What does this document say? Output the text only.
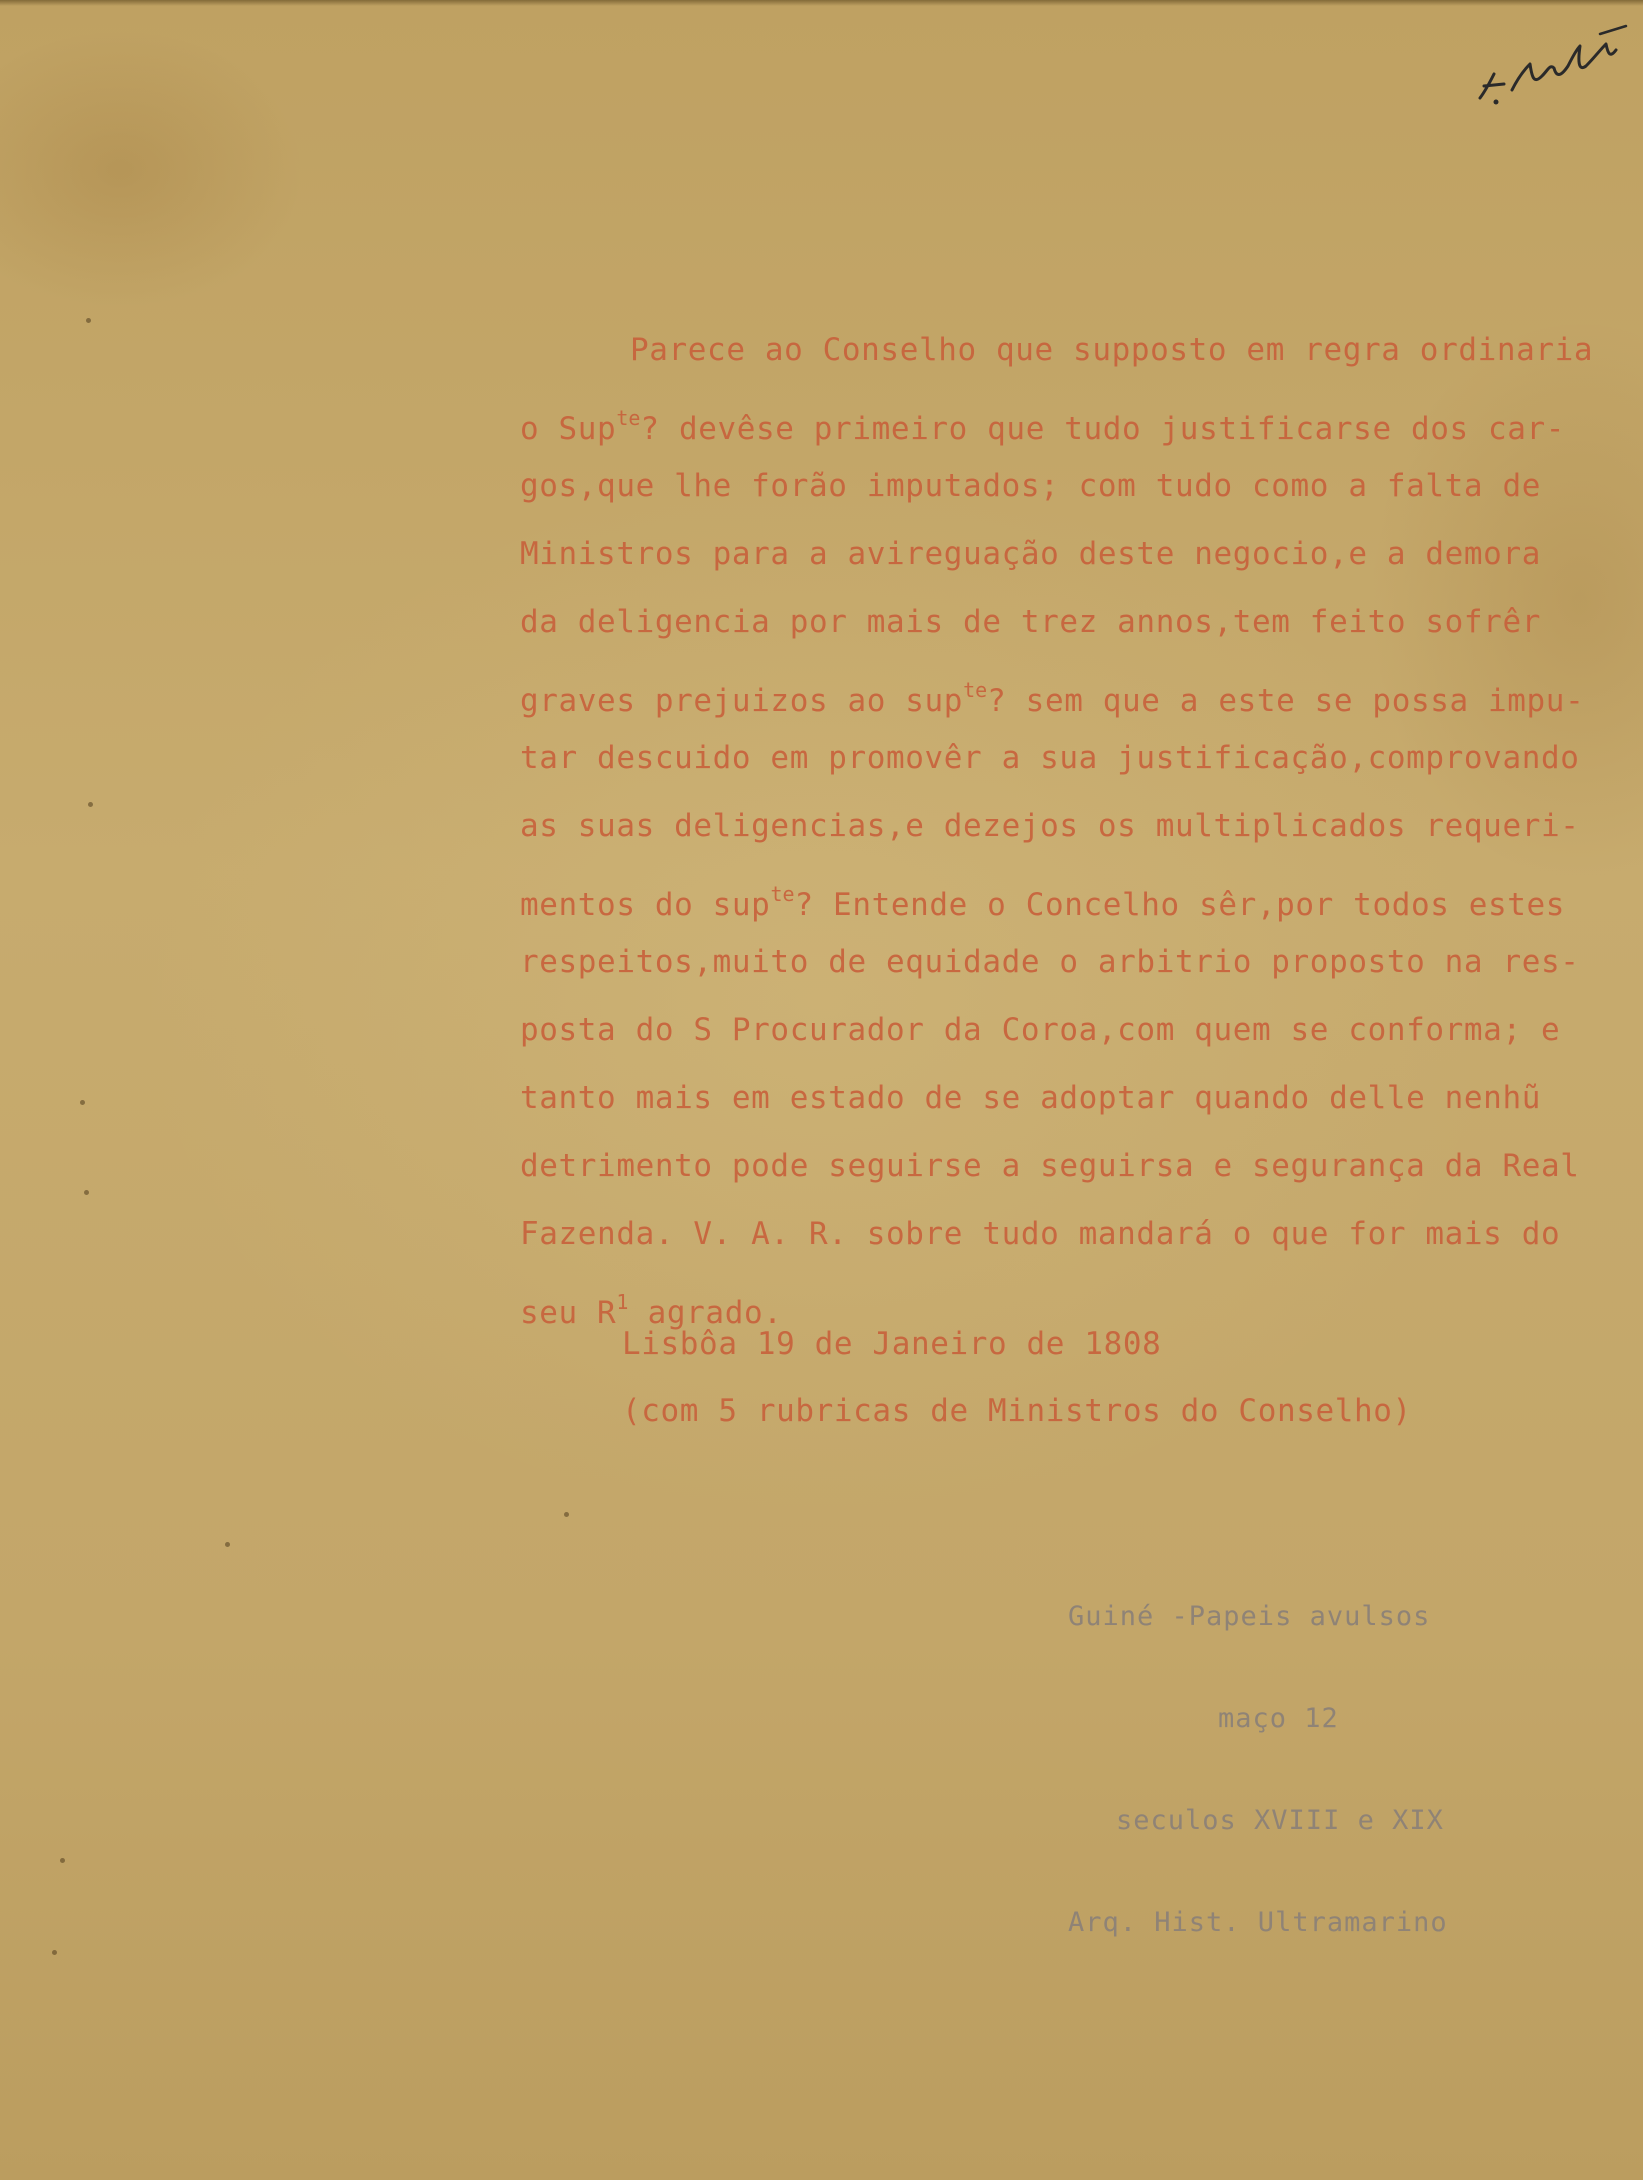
Parece ao Conselho que supposto em regra ordinaria
o Sup$^{te}$? devêse primeiro que tudo justificarse dos car-
gos,que lhe forão imputados; com tudo como a falta de
Ministros para a avireguação deste negocio,e a demora
da deligencia por mais de trez annos,tem feito sofrêr
graves prejuizos ao sup$^{te}$? sem que a este se possa impu-
tar descuido em promovêr a sua justificação,comprovando
as suas deligencias,e dezejos os multiplicados requeri-
mentos do sup$^{te}$? Entende o Concelho sêr,por todos estes
respeitos,muito de equidade o arbitrio proposto na res-
posta do S Procurador da Coroa,com quem se conforma; e
tanto mais em estado de se adoptar quando delle nenhũ
detrimento pode seguirse a seguirsa e segurança da Real
Fazenda. V. A. R. sobre tudo mandará o que for mais do
seu $R^1$ agrado.
Lisbôa 19 de Janeiro de 1808
(com 5 rubricas de Ministros do Conselho)

Guiné -Papeis avulsos

maço 12

seculos XVIII e XIX

Arq. Hist. Ultramarino
